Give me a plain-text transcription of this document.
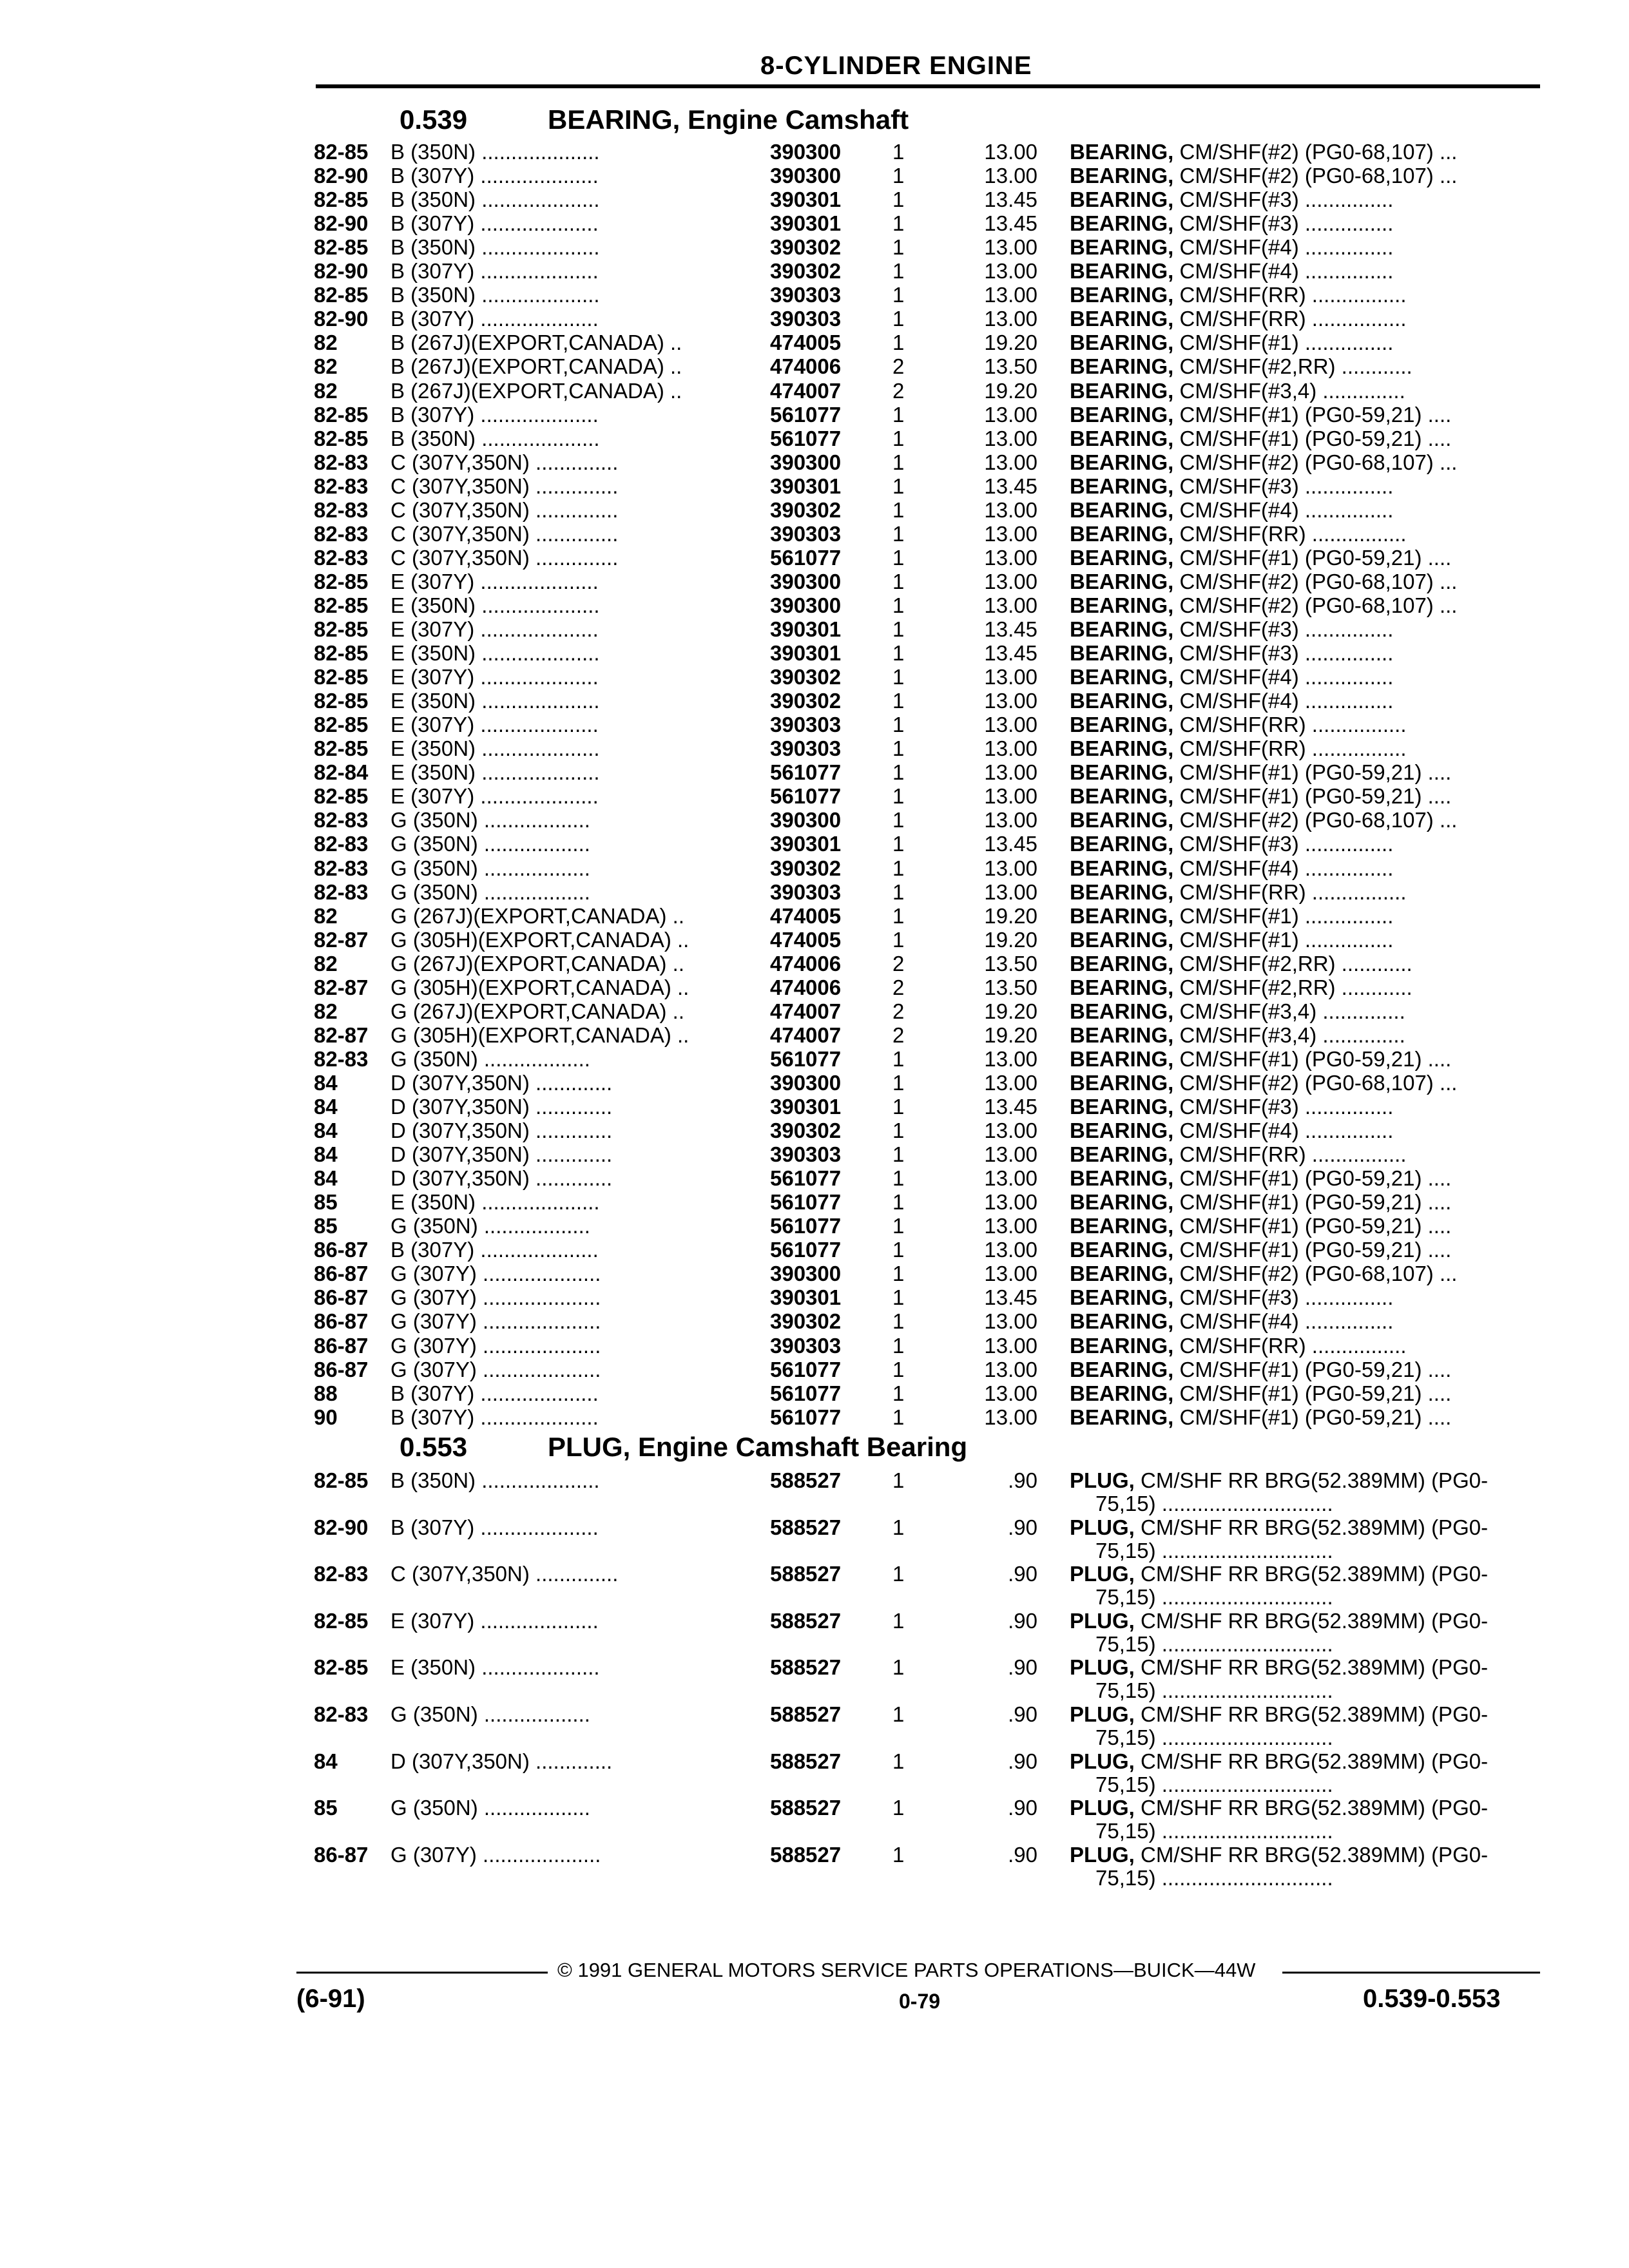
8-CYLINDER ENGINE
0.539	BEARING, Engine Camshaft
82-85 B (350N) ....................	390300 1	13.00 BEARING, CM/SHF(#2) (PG0-68,107) ...
82-90 B (307Y) ....................	390300 1	13.00 BEARING, CM/SHF(#2) (PG0-68,107) ...
82-85 B (350N) ....................	390301 1	13.45 BEARING, CM/SHF(#3) ...............
82-90 B (307Y) ....................	390301 1	13.45 BEARING, CM/SHF(#3) ...............
82-85 B (350N) ....................	390302 1	13.00 BEARING, CM/SHF(#4) ...............
82-90 B (307Y) ....................	390302 1	13.00 BEARING, CM/SHF(#4) ...............
82-85 B (350N) ....................	390303 1	13.00 BEARING, CM/SHF(RR) ................
82-90 B (307Y) ....................	390303 1	13.00 BEARING, CM/SHF(RR) ................
82 B (267J)(EXPORT,CANADA) ..	474005 1	19.20 BEARING, CM/SHF(#1) ...............
82 B (267J)(EXPORT,CANADA) ..	474006 2	13.50 BEARING, CM/SHF(#2,RR) ............
82 B (267J)(EXPORT,CANADA) ..	474007 2	19.20 BEARING, CM/SHF(#3,4) ..............
82-85 B (307Y) ....................	561077 1	13.00 BEARING, CM/SHF(#1) (PG0-59,21) ....
82-85 B (350N) ....................	561077 1	13.00 BEARING, CM/SHF(#1) (PG0-59,21) ....
82-83 C (307Y,350N) ..............	390300 1	13.00 BEARING, CM/SHF(#2) (PG0-68,107) ...
82-83 C (307Y,350N) ..............	390301 1	13.45 BEARING, CM/SHF(#3) ...............
82-83 C (307Y,350N) ..............	390302 1	13.00 BEARING, CM/SHF(#4) ...............
82-83 C (307Y,350N) ..............	390303 1	13.00 BEARING, CM/SHF(RR) ................
82-83 C (307Y,350N) ..............	561077 1	13.00 BEARING, CM/SHF(#1) (PG0-59,21) ....
82-85 E (307Y) ....................	390300 1	13.00 BEARING, CM/SHF(#2) (PG0-68,107) ...
82-85 E (350N) ....................	390300 1	13.00 BEARING, CM/SHF(#2) (PG0-68,107) ...
82-85 E (307Y) ....................	390301 1	13.45 BEARING, CM/SHF(#3) ...............
82-85 E (350N) ....................	390301 1	13.45 BEARING, CM/SHF(#3) ...............
82-85 E (307Y) ....................	390302 1	13.00 BEARING, CM/SHF(#4) ...............
82-85 E (350N) ....................	390302 1	13.00 BEARING, CM/SHF(#4) ...............
82-85 E (307Y) ....................	390303 1	13.00 BEARING, CM/SHF(RR) ................
82-85 E (350N) ....................	390303 1	13.00 BEARING, CM/SHF(RR) ................
82-84 E (350N) ....................	561077 1	13.00 BEARING, CM/SHF(#1) (PG0-59,21) ....
82-85 E (307Y) ....................	561077 1	13.00 BEARING, CM/SHF(#1) (PG0-59,21) ....
82-83 G (350N) ..................	390300 1	13.00 BEARING, CM/SHF(#2) (PG0-68,107) ...
82-83 G (350N) ..................	390301 1	13.45 BEARING, CM/SHF(#3) ...............
82-83 G (350N) ..................	390302 1	13.00 BEARING, CM/SHF(#4) ...............
82-83 G (350N) ..................	390303 1	13.00 BEARING, CM/SHF(RR) ................
82 G (267J)(EXPORT,CANADA) ..	474005 1	19.20 BEARING, CM/SHF(#1) ...............
82-87 G (305H)(EXPORT,CANADA) ..	474005 1	19.20 BEARING, CM/SHF(#1) ...............
82 G (267J)(EXPORT,CANADA) ..	474006 2	13.50 BEARING, CM/SHF(#2,RR) ............
82-87 G (305H)(EXPORT,CANADA) ..	474006 2	13.50 BEARING, CM/SHF(#2,RR) ............
82 G (267J)(EXPORT,CANADA) ..	474007 2	19.20 BEARING, CM/SHF(#3,4) ..............
82-87 G (305H)(EXPORT,CANADA) ..	474007 2	19.20 BEARING, CM/SHF(#3,4) ..............
82-83 G (350N) ..................	561077 1	13.00 BEARING, CM/SHF(#1) (PG0-59,21) ....
84 D (307Y,350N) .............	390300 1	13.00 BEARING, CM/SHF(#2) (PG0-68,107) ...
84 D (307Y,350N) .............	390301 1	13.45 BEARING, CM/SHF(#3) ...............
84 D (307Y,350N) .............	390302 1	13.00 BEARING, CM/SHF(#4) ...............
84 D (307Y,350N) .............	390303 1	13.00 BEARING, CM/SHF(RR) ................
84 D (307Y,350N) .............	561077 1	13.00 BEARING, CM/SHF(#1) (PG0-59,21) ....
85 E (350N) ....................	561077 1	13.00 BEARING, CM/SHF(#1) (PG0-59,21) ....
85 G (350N) ..................	561077 1	13.00 BEARING, CM/SHF(#1) (PG0-59,21) ....
86-87 B (307Y) ....................	561077 1	13.00 BEARING, CM/SHF(#1) (PG0-59,21) ....
86-87 G (307Y) ....................	390300 1	13.00 BEARING, CM/SHF(#2) (PG0-68,107) ...
86-87 G (307Y) ....................	390301 1	13.45 BEARING, CM/SHF(#3) ...............
86-87 G (307Y) ....................	390302 1	13.00 BEARING, CM/SHF(#4) ...............
86-87 G (307Y) ....................	390303 1	13.00 BEARING, CM/SHF(RR) ................
86-87 G (307Y) ....................	561077 1	13.00 BEARING, CM/SHF(#1) (PG0-59,21) ....
88 B (307Y) ....................	561077 1	13.00 BEARING, CM/SHF(#1) (PG0-59,21) ....
90 B (307Y) ....................	561077 1	13.00 BEARING, CM/SHF(#1) (PG0-59,21) ....
0.553	PLUG, Engine Camshaft Bearing
82-85 B (350N) ....................	588527 1	.90 PLUG, CM/SHF RR BRG(52.389MM) (PG0-
75,15) .............................
82-90 B (307Y) ....................	588527 1	.90 PLUG, CM/SHF RR BRG(52.389MM) (PG0-
75,15) .............................
82-83 C (307Y,350N) ..............	588527 1	.90 PLUG, CM/SHF RR BRG(52.389MM) (PG0-
75,15) .............................
82-85 E (307Y) ....................	588527 1	.90 PLUG, CM/SHF RR BRG(52.389MM) (PG0-
75,15) .............................
82-85 E (350N) ....................	588527 1	.90 PLUG, CM/SHF RR BRG(52.389MM) (PG0-
75,15) .............................
82-83 G (350N) ..................	588527 1	.90 PLUG, CM/SHF RR BRG(52.389MM) (PG0-
75,15) .............................
84 D (307Y,350N) .............	588527 1	.90 PLUG, CM/SHF RR BRG(52.389MM) (PG0-
75,15) .............................
85 G (350N) ..................	588527 1	.90 PLUG, CM/SHF RR BRG(52.389MM) (PG0-
75,15) .............................
86-87 G (307Y) ....................	588527 1	.90 PLUG, CM/SHF RR BRG(52.389MM) (PG0-
75,15) .............................
© 1991 GENERAL MOTORS SERVICE PARTS OPERATIONS—BUICK—44W
(6-91)	0-79	0.539-0.553
